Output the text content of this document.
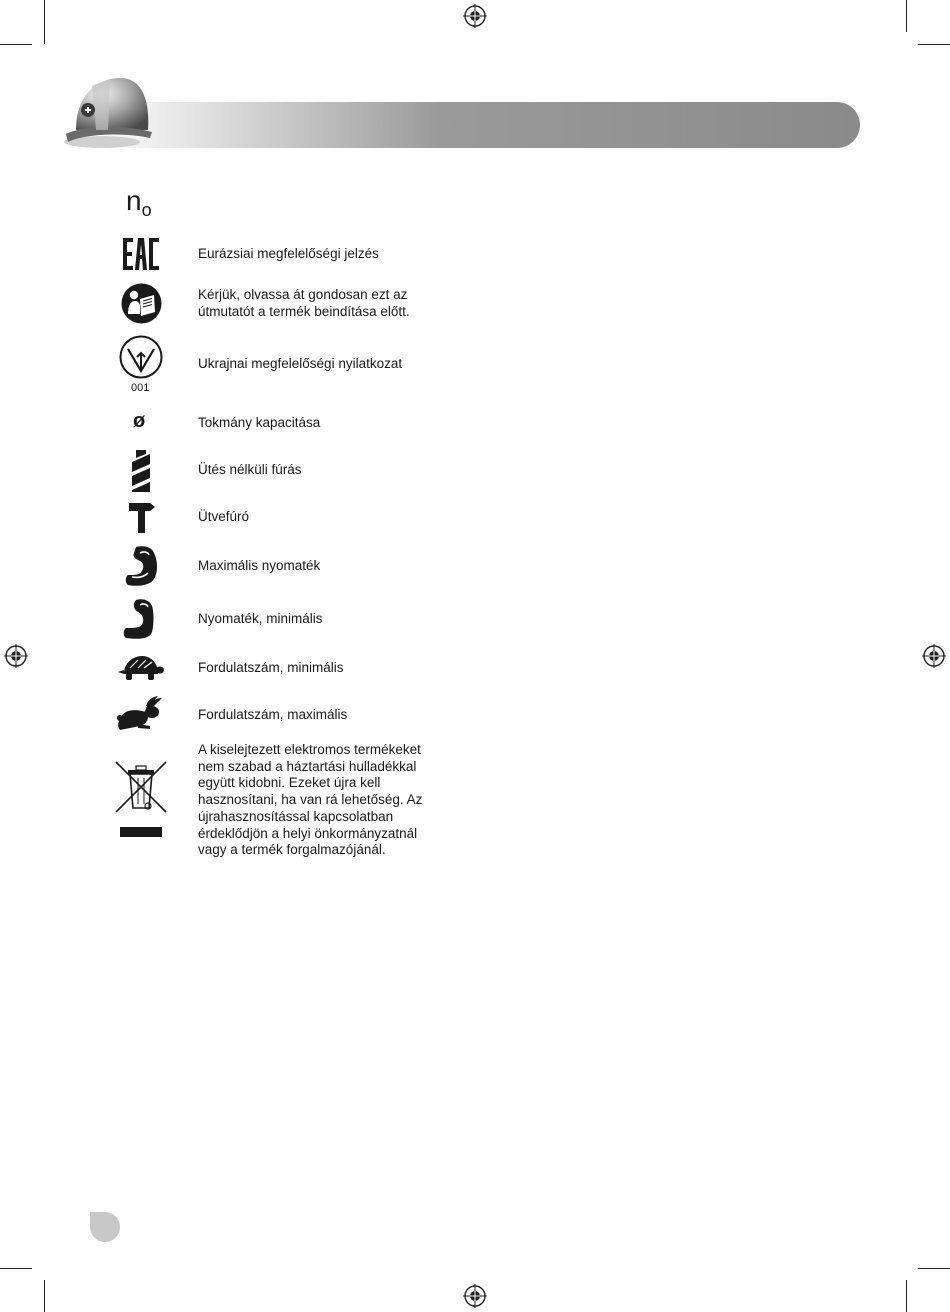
$n_o$
Eurázsiai megfelelőségi jelzés
Kérjük, olvassa át gondosan ezt az útmutatót a termék beindítása előtt.
001
Ukrajnai megfelelőségi nyilatkozat
ø	Tokmány kapacitása
Ütés nélküli fúrás
Ütvefúró
Maximális nyomaték
Nyomaték, minimális
Fordulatszám, minimális
Fordulatszám, maximális
A kiselejtezett elektromos termékeket nem szabad a háztartási hulladékkal együtt kidobni. Ezeket újra kell hasznosítani, ha van rá lehetőség. Az újrahasznosítással kapcsolatban érdeklődjön a helyi önkormányzatnál vagy a termék forgalmazójánál.
